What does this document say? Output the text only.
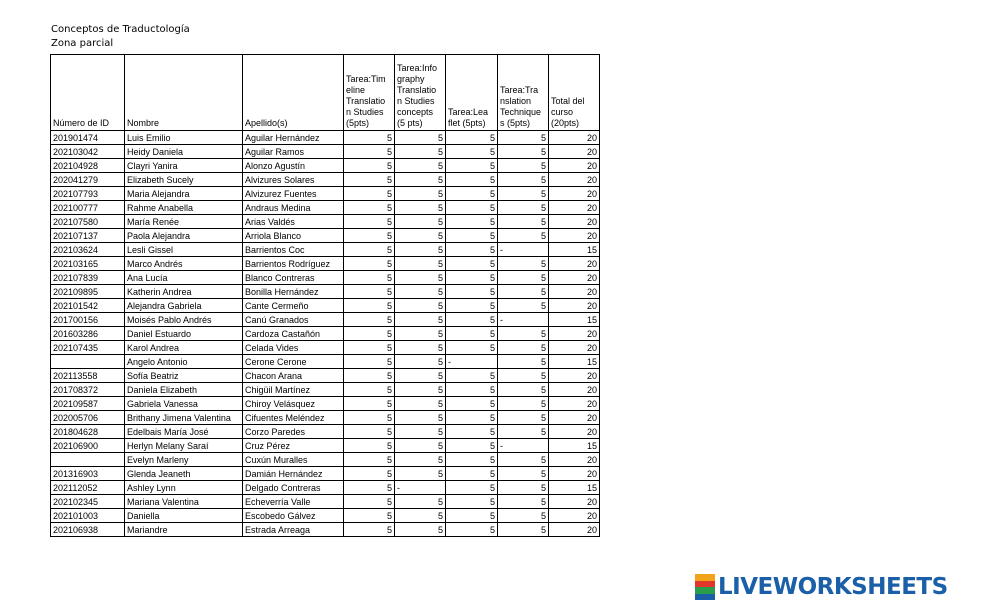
Conceptos de Traductología
Zona parcial
Número de ID	Nombre	Apellido(s)	Tarea:Tim eline Translatio n Studies (5pts)	Tarea:Info graphy Translatio n Studies concepts (5 pts)	Tarea:Lea flet (5pts)	Tarea:Tra nslation Technique s (5pts)	Total del curso (20pts)
201901474	Luis Emilio	Aguilar Hernández	5	5	5	5	20
202103042	Heidy Daniela	Aguilar Ramos	5	5	5	5	20
202104928	Clayri Yanira	Alonzo Agustín	5	5	5	5	20
202041279	Elizabeth Sucely	Alvizures Solares	5	5	5	5	20
202107793	Maria Alejandra	Alvizurez Fuentes	5	5	5	5	20
202100777	Rahme Anabella	Andraus Medina	5	5	5	5	20
202107580	María Renée	Arias Valdés	5	5	5	5	20
202107137	Paola Alejandra	Arriola Blanco	5	5	5	5	20
202103624	Lesli Gissel	Barrientos Coc	5	5	5	-	15
202103165	Marco Andrés	Barrientos Rodríguez	5	5	5	5	20
202107839	Ana Lucía	Blanco Contreras	5	5	5	5	20
202109895	Katherin Andrea	Bonilla Hernández	5	5	5	5	20
202101542	Alejandra Gabriela	Cante Cermeño	5	5	5	5	20
201700156	Moisés Pablo Andrés	Canú Granados	5	5	5	-	15
201603286	Daniel Estuardo	Cardoza Castañón	5	5	5	5	20
202107435	Karol Andrea	Celada Vides	5	5	5	5	20
	Angelo Antonio	Cerone Cerone	5	5	-	5	15
202113558	Sofía Beatriz	Chacon Arana	5	5	5	5	20
201708372	Daniela Elizabeth	Chigüil Martínez	5	5	5	5	20
202109587	Gabriela Vanessa	Chiroy Velásquez	5	5	5	5	20
202005706	Brithany Jimena Valentina	Cifuentes Meléndez	5	5	5	5	20
201804628	Edelbais María José	Corzo Paredes	5	5	5	5	20
202106900	Herlyn Melany Saraí	Cruz Pérez	5	5	5	-	15
	Evelyn Marleny	Cuxún Muralles	5	5	5	5	20
201316903	Glenda Jeaneth	Damián Hernández	5	5	5	5	20
202112052	Ashley Lynn	Delgado Contreras	5	-	5	5	15
202102345	Mariana Valentina	Echeverría Valle	5	5	5	5	20
202101003	Daniella	Escobedo Gálvez	5	5	5	5	20
202106938	Mariandre	Estrada Arreaga	5	5	5	5	20
LIVEWORKSHEETS
